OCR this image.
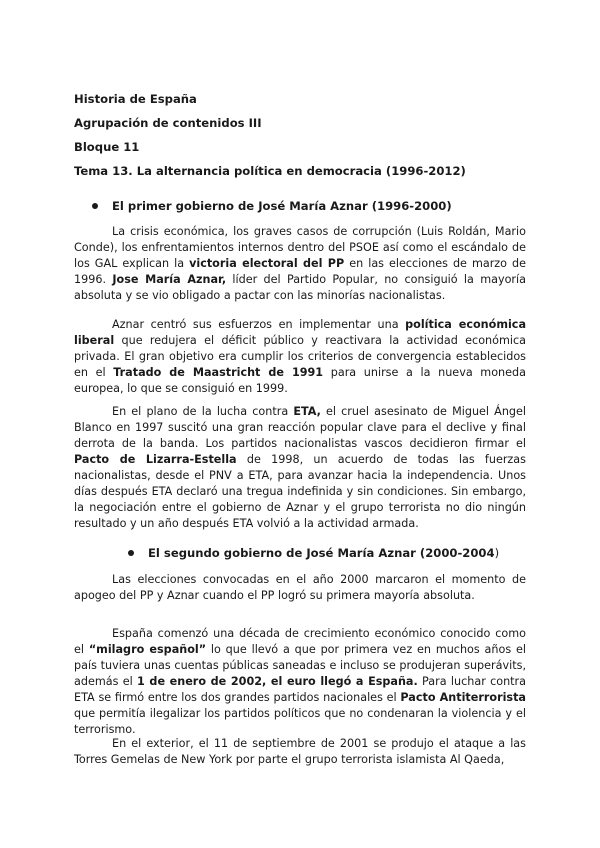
Historia de España
Agrupación de contenidos III
Bloque 11
Tema 13. La alternancia política en democracia (1996-2012)
El primer gobierno de José María Aznar (1996-2000)

La crisis económica, los graves casos de corrupción (Luis Roldán, Mario Conde), los enfrentamientos internos dentro del PSOE así como el escándalo de los GAL explican la victoria electoral del PP en las elecciones de marzo de 1996. Jose María Aznar, líder del Partido Popular, no consiguió la mayoría absoluta y se vio obligado a pactar con las minorías nacionalistas.

Aznar centró sus esfuerzos en implementar una política económica liberal que redujera el déficit público y reactivara la actividad económica privada. El gran objetivo era cumplir los criterios de convergencia establecidos en el Tratado de Maastricht de 1991 para unirse a la nueva moneda europea, lo que se consiguió en 1999.

En el plano de la lucha contra ETA, el cruel asesinato de Miguel Ángel Blanco en 1997 suscitó una gran reacción popular clave para el declive y final derrota de la banda. Los partidos nacionalistas vascos decidieron firmar el Pacto de Lizarra-Estella de 1998, un acuerdo de todas las fuerzas nacionalistas, desde el PNV a ETA, para avanzar hacia la independencia. Unos días después ETA declaró una tregua indefinida y sin condiciones. Sin embargo, la negociación entre el gobierno de Aznar y el grupo terrorista no dio ningún resultado y un año después ETA volvió a la actividad armada.

El segundo gobierno de José María Aznar (2000-2004)

Las elecciones convocadas en el año 2000 marcaron el momento de apogeo del PP y Aznar cuando el PP logró su primera mayoría absoluta.

España comenzó una década de crecimiento económico conocido como el “milagro español” lo que llevó a que por primera vez en muchos años el país tuviera unas cuentas públicas saneadas e incluso se produjeran superávits, además el 1 de enero de 2002, el euro llegó a España. Para luchar contra ETA se firmó entre los dos grandes partidos nacionales el Pacto Antiterrorista que permitía ilegalizar los partidos políticos que no condenaran la violencia y el terrorismo.

En el exterior, el 11 de septiembre de 2001 se produjo el ataque a las Torres Gemelas de New York por parte el grupo terrorista islamista Al Qaeda,
